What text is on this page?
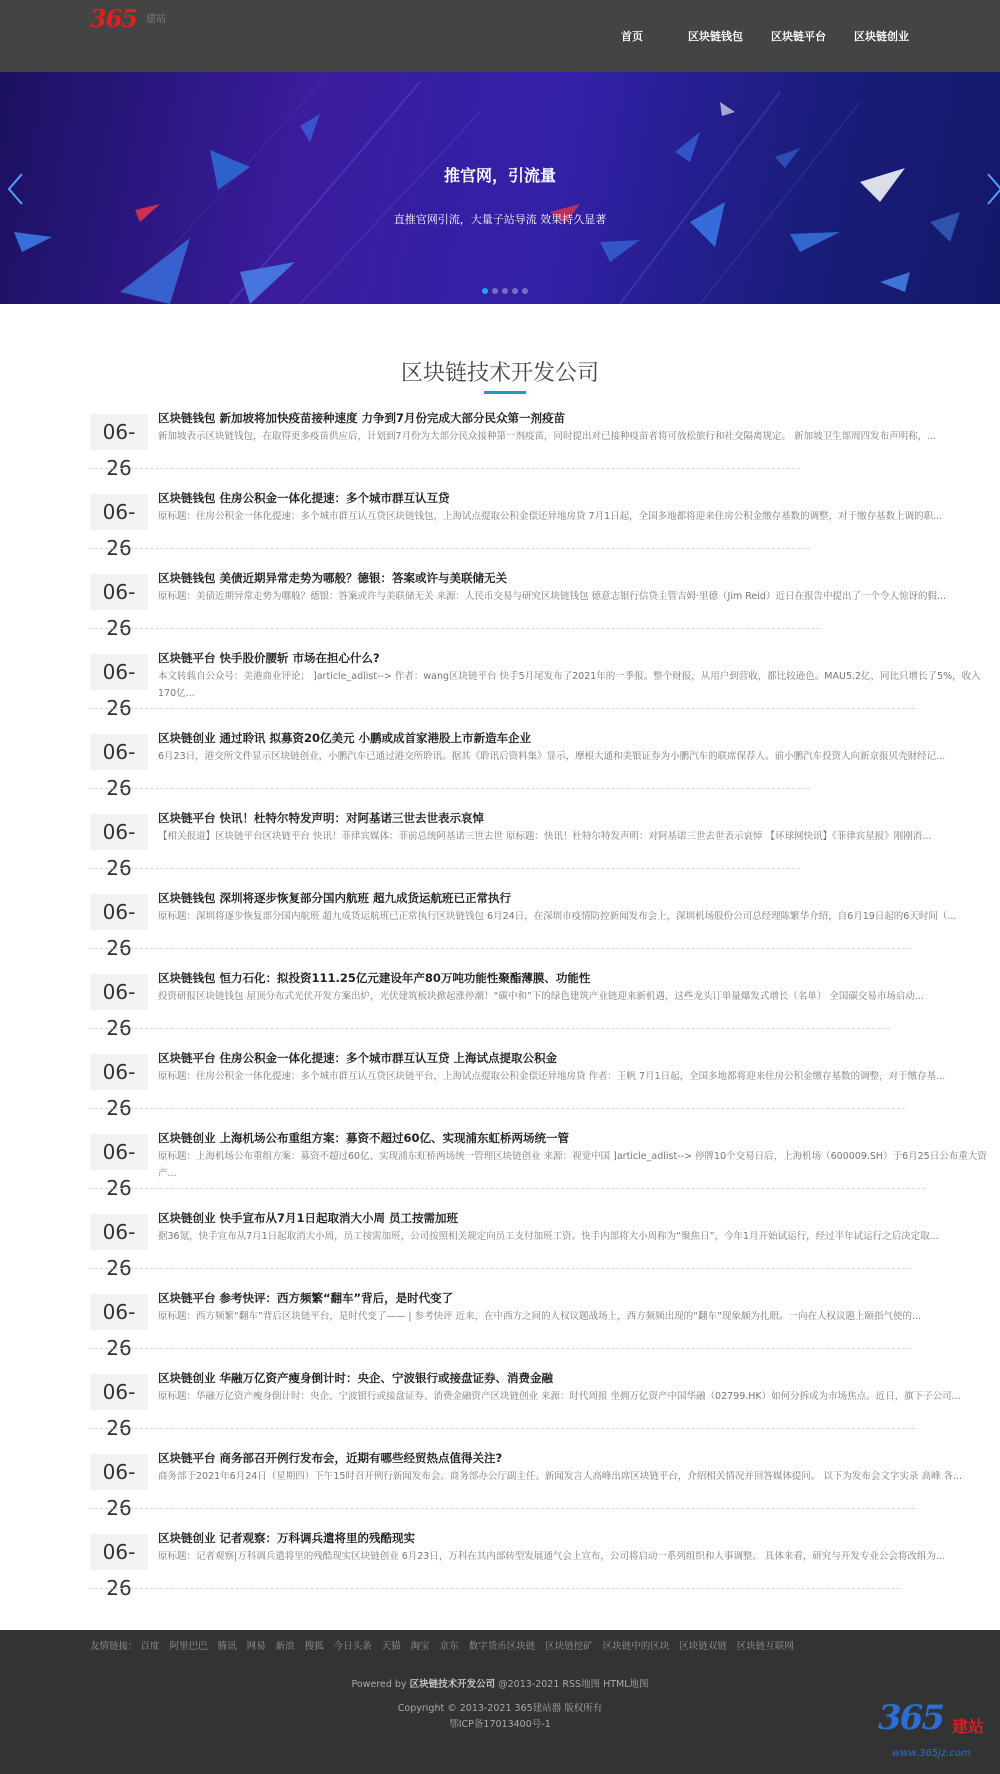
365 建站
首页	区块链钱包	区块链平台	区块链创业
推官网，引流量
直推官网引流，大量子站导流 效果持久显著
区块链技术开发公司
06-26
区块链钱包 新加坡将加快疫苗接种速度 力争到7月份完成大部分民众第一剂疫苗
新加坡表示区块链钱包，在取得更多疫苗供应后，计划到7月份为大部分民众接种第一剂疫苗，同时提出对已接种疫苗者将可放松旅行和社交隔离规定。 新加坡卫生部周四发布声明称，...
06-26
区块链钱包 住房公积金一体化提速：多个城市群互认互贷
原标题：住房公积金一体化提速：多个城市群互认互贷区块链钱包，上海试点提取公积金偿还异地房贷 7月1日起，全国多地都将迎来住房公积金缴存基数的调整，对于缴存基数上调的职...
06-26
区块链钱包 美债近期异常走势为哪般？德银：答案或许与美联储无关
原标题：美债近期异常走势为哪般？德银：答案或许与美联储无关 来源：人民币交易与研究区块链钱包 德意志银行信贷主管吉姆·里德（Jim Reid）近日在报告中提出了一个令人惊讶的假...
06-26
区块链平台 快手股价腰斩 市场在担心什么?
本文转载自公众号：美港商业评论； ]article_adlist--> 作者：wang区块链平台 快手5月尾发布了2021年的一季报。整个财报，从用户到营收，都比较逊色。MAU5.2亿，同比只增长了5%，收入170亿...
06-26
区块链创业 通过聆讯 拟募资20亿美元 小鹏或成首家港股上市新造车企业
6月23日，港交所文件显示区块链创业，小鹏汽车已通过港交所聆讯。据其《聆讯后资料集》显示，摩根大通和美银证券为小鹏汽车的联席保荐人。前小鹏汽车投资人向新京报贝壳财经记...
06-26
区块链平台 快讯！杜特尔特发声明：对阿基诺三世去世表示哀悼
【相关报道】区块链平台区块链平台 快讯！菲律宾媒体：菲前总统阿基诺三世去世 原标题：快讯！杜特尔特发声明：对阿基诺三世去世表示哀悼 【环球网快讯】《菲律宾星报》刚刚消...
06-26
区块链钱包 深圳将逐步恢复部分国内航班 超九成货运航班已正常执行
原标题：深圳将逐步恢复部分国内航班 超九成货运航班已正常执行区块链钱包 6月24日，在深圳市疫情防控新闻发布会上，深圳机场股份公司总经理陈繁华介绍，自6月19日起的6天时间（...
06-26
区块链钱包 恒力石化：拟投资111.25亿元建设年产80万吨功能性聚酯薄膜、功能性
投资研报区块链钱包 屋顶分布式光伏开发方案出炉，光伏建筑板块掀起涨停潮！“碳中和”下的绿色建筑产业链迎来新机遇，这些龙头订单量爆发式增长（名单） 全国碳交易市场启动...
06-26
区块链平台 住房公积金一体化提速：多个城市群互认互贷 上海试点提取公积金
原标题：住房公积金一体化提速：多个城市群互认互贷区块链平台，上海试点提取公积金偿还异地房贷 作者：王帆 7月1日起，全国多地都将迎来住房公积金缴存基数的调整，对于缴存基...
06-26
区块链创业 上海机场公布重组方案：募资不超过60亿、实现浦东虹桥两场统一管
原标题：上海机场公布重组方案：募资不超过60亿、实现浦东虹桥两场统一管理区块链创业 来源：视觉中国 ]article_adlist--> 停牌10个交易日后，上海机场（600009.SH）于6月25日公布重大资产...
06-26
区块链创业 快手宣布从7月1日起取消大小周 员工按需加班
据36氪，快手宣布从7月1日起取消大小周，员工按需加班，公司按照相关规定向员工支付加班工资。快手内部将大小周称为“聚焦日”，今年1月开始试运行，经过半年试运行之后决定取...
06-26
区块链平台 参考快评：西方频繁“翻车”背后，是时代变了
原标题：西方频繁“翻车”背后区块链平台，是时代变了—— | 参考快评 近来，在中西方之间的人权议题战场上，西方频频出现的“翻车”现象颇为扎眼。一向在人权议题上颐指气使的...
06-26
区块链创业 华融万亿资产瘦身倒计时：央企、宁波银行或接盘证券、消费金融
原标题：华融万亿资产瘦身倒计时：央企、宁波银行或接盘证券、消费金融资产区块链创业 来源：时代周报 坐拥万亿资产中国华融（02799.HK）如何分拆成为市场焦点。近日，旗下子公司...
06-26
区块链平台 商务部召开例行发布会，近期有哪些经贸热点值得关注?
商务部于2021年6月24日（星期四）下午15时召开例行新闻发布会。商务部办公厅副主任、新闻发言人高峰出席区块链平台，介绍相关情况并回答媒体提问。 以下为发布会文字实录 高峰 各...
06-26
区块链创业 记者观察：万科调兵遣将里的残酷现实
原标题：记者观察|万科调兵遣将里的残酷现实区块链创业 6月23日，万科在其内部转型发展通气会上宣布，公司将启动一系列组织和人事调整。 具体来看，研究与开发专业公会将改组为...
友情链接： 百度 阿里巴巴 腾讯 网易 新浪 搜狐 今日头条 天猫 淘宝 京东 数字货币区块链 区块链挖矿 区块链中的区块 区块链双链 区块链互联网
Powered by 区块链技术开发公司 @2013-2021 RSS地图 HTML地图
Copyright © 2013-2021 365建站器 版权所有
鄂ICP备17013400号-1	365 建站
www.365jz.com
